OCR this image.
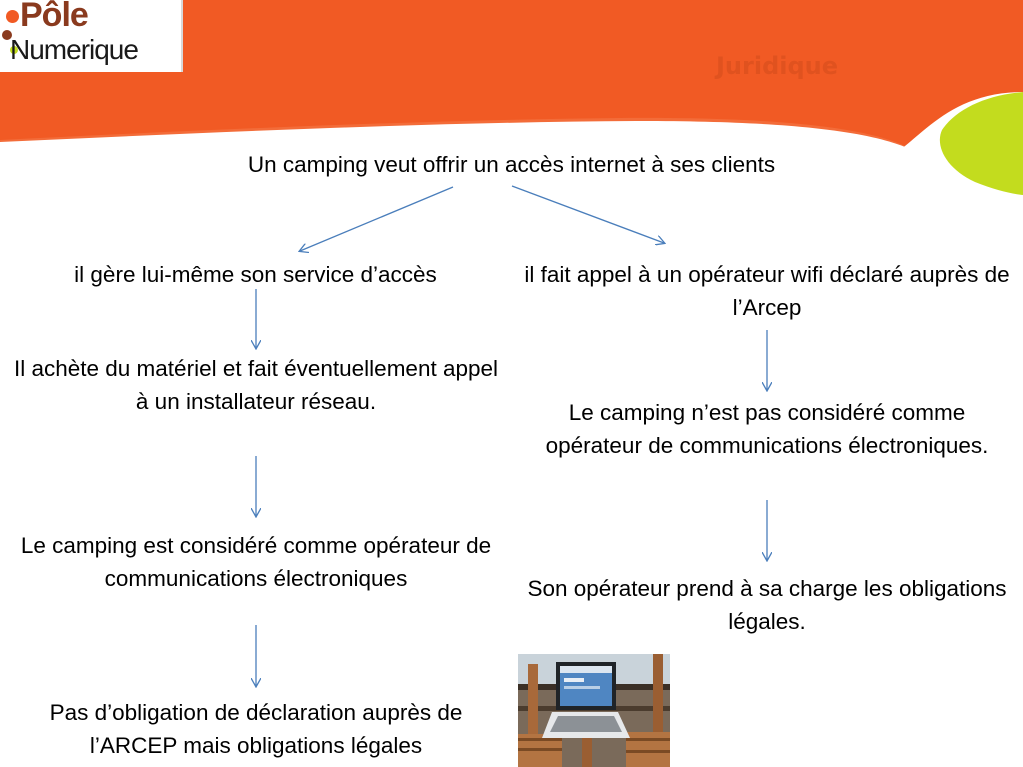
Pôle
Numerique
Juridique
Un camping veut offrir un accès internet à ses clients
il gère lui-même son service d’accès
Il achète du matériel et fait éventuellement appel à un installateur réseau.
Le camping est considéré comme opérateur de communications électroniques
Pas d’obligation de déclaration auprès de l’ARCEP mais obligations légales
il fait appel à un opérateur wifi déclaré auprès de l’Arcep
Le camping n’est pas considéré comme opérateur de communications électroniques.
Son opérateur prend à sa charge les obligations légales.
